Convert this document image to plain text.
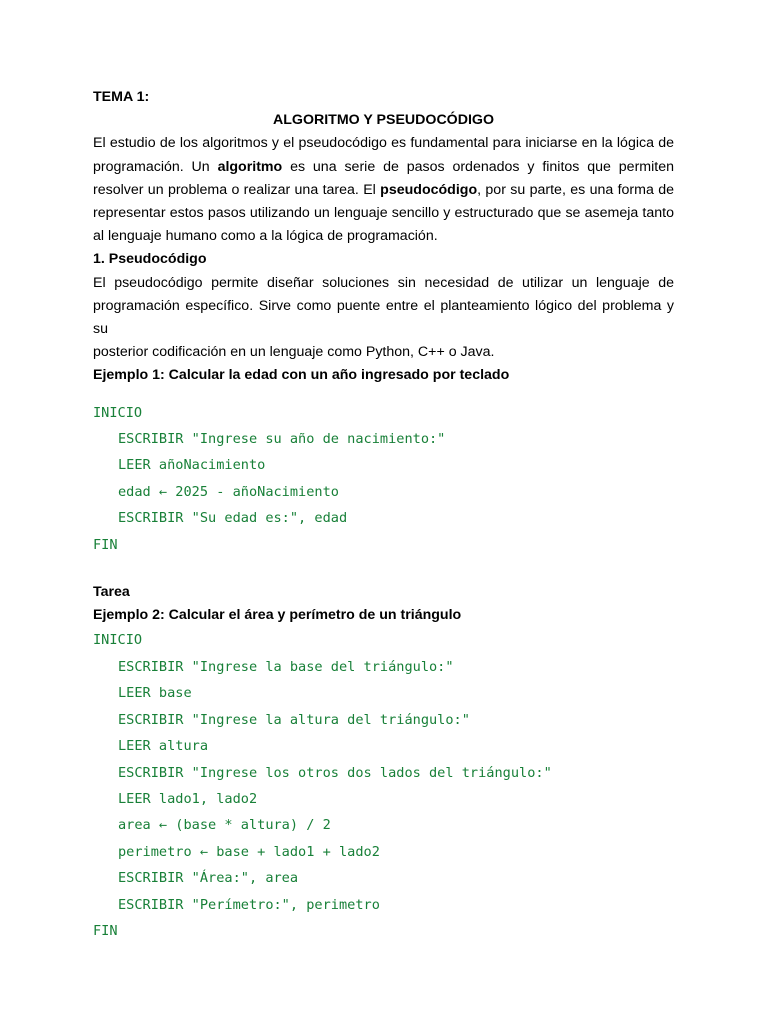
TEMA 1:
ALGORITMO Y PSEUDOCÓDIGO
El estudio de los algoritmos y el pseudocódigo es fundamental para iniciarse en la lógica de
programación. Un algoritmo es una serie de pasos ordenados y finitos que permiten
resolver un problema o realizar una tarea. El pseudocódigo, por su parte, es una forma de
representar estos pasos utilizando un lenguaje sencillo y estructurado que se asemeja tanto
al lenguaje humano como a la lógica de programación.
1. Pseudocódigo
El pseudocódigo permite diseñar soluciones sin necesidad de utilizar un lenguaje de
programación específico. Sirve como puente entre el planteamiento lógico del problema y su
posterior codificación en un lenguaje como Python, C++ o Java.
Ejemplo 1: Calcular la edad con un año ingresado por teclado
INICIO
ESCRIBIR "Ingrese su año de nacimiento:"
LEER añoNacimiento
edad ← 2025 - añoNacimiento
ESCRIBIR "Su edad es:", edad
FIN
Tarea
Ejemplo 2: Calcular el área y perímetro de un triángulo
INICIO
ESCRIBIR "Ingrese la base del triángulo:"
LEER base
ESCRIBIR "Ingrese la altura del triángulo:"
LEER altura
ESCRIBIR "Ingrese los otros dos lados del triángulo:"
LEER lado1, lado2
area ← (base * altura) / 2
perimetro ← base + lado1 + lado2
ESCRIBIR "Área:", area
ESCRIBIR "Perímetro:", perimetro
FIN
